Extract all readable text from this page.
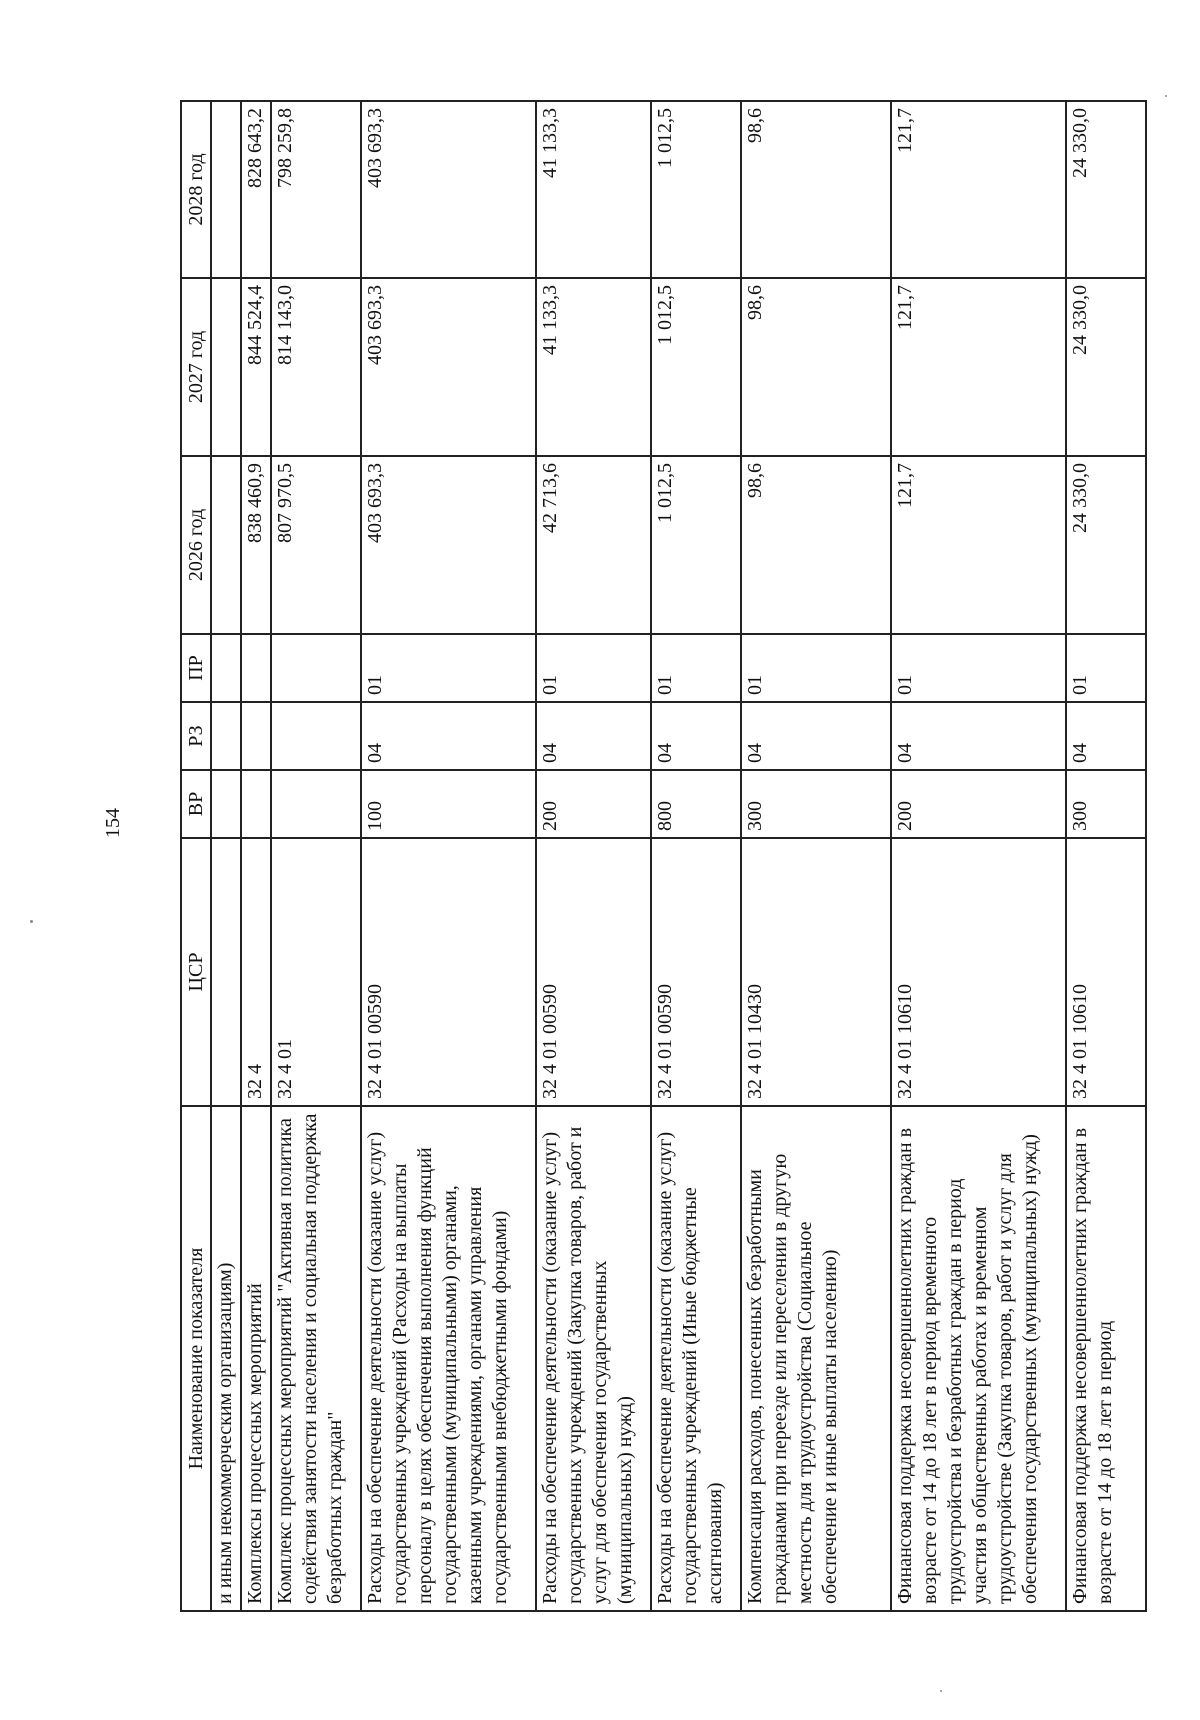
154
Наименование показателя	ЦСР	ВР	РЗ	ПР	2026 год	2027 год	2028 год
и иным некоммерческим организациям)							
Комплексы процессных мероприятий	32 4				838 460,9	844 524,4	828 643,2
Комплекс процессных мероприятий "Активная политика содействия занятости населения и социальная поддержка безработных граждан"	32 4 01				807 970,5	814 143,0	798 259,8
Расходы на обеспечение деятельности (оказание услуг) государственных учреждений (Расходы на выплаты персоналу в целях обеспечения выполнения функций государственными (муниципальными) органами, казенными учреждениями, органами управления государственными внебюджетными фондами)	32 4 01 00590	100	04	01	403 693,3	403 693,3	403 693,3
Расходы на обеспечение деятельности (оказание услуг) государственных учреждений (Закупка товаров, работ и услуг для обеспечения государственных (муниципальных) нужд)	32 4 01 00590	200	04	01	42 713,6	41 133,3	41 133,3
Расходы на обеспечение деятельности (оказание услуг) государственных учреждений (Иные бюджетные ассигнования)	32 4 01 00590	800	04	01	1 012,5	1 012,5	1 012,5
Компенсация расходов, понесенных безработными гражданами при переезде или переселении в другую местность для трудоустройства (Социальное обеспечение и иные выплаты населению)	32 4 01 10430	300	04	01	98,6	98,6	98,6
Финансовая поддержка несовершеннолетних граждан в возрасте от 14 до 18 лет в период временного трудоустройства и безработных граждан в период участия в общественных работах и временном трудоустройстве (Закупка товаров, работ и услуг для обеспечения государственных (муниципальных) нужд)	32 4 01 10610	200	04	01	121,7	121,7	121,7
Финансовая поддержка несовершеннолетних граждан в возрасте от 14 до 18 лет в период	32 4 01 10610	300	04	01	24 330,0	24 330,0	24 330,0
